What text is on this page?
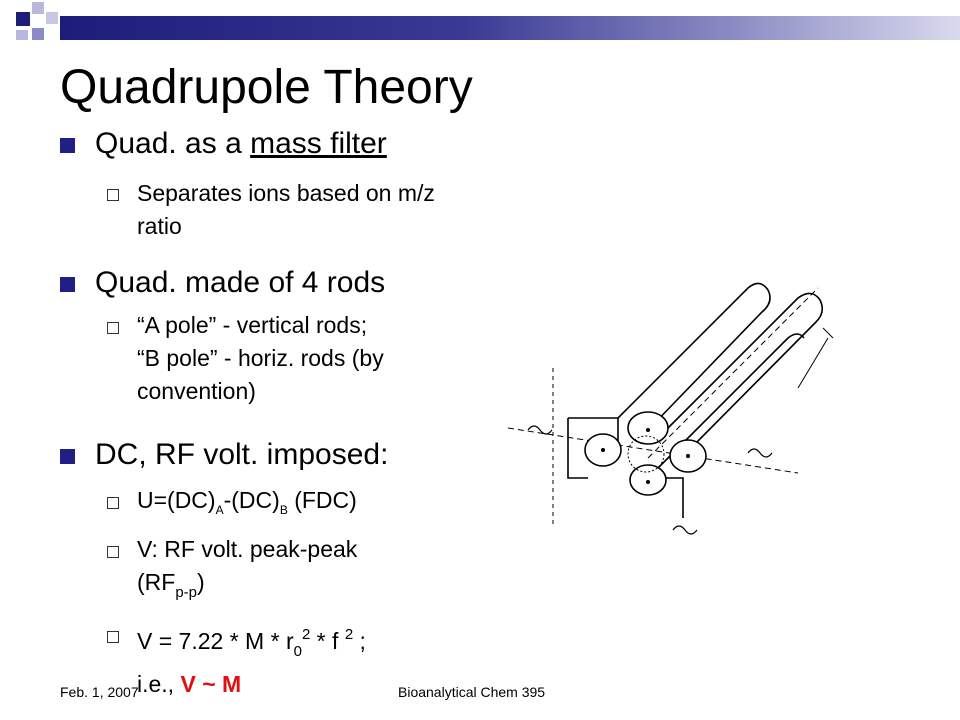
Quadrupole Theory
Quad. as a mass filter
Separates ions based on m/z ratio
Quad. made of 4 rods
“A pole” - vertical rods;
“B pole” - horiz. rods (by
convention)
DC, RF volt. imposed:
$U=(DC)_A-(DC)_B$ (FDC)
V: RF volt. peak-peak
$(RF_{p-p})$
$V = 7.22 * M * r_0^2 * f$ $^2$ ;
i.e., V ~ M
Feb. 1, 2007	Bioanalytical Chem 395
